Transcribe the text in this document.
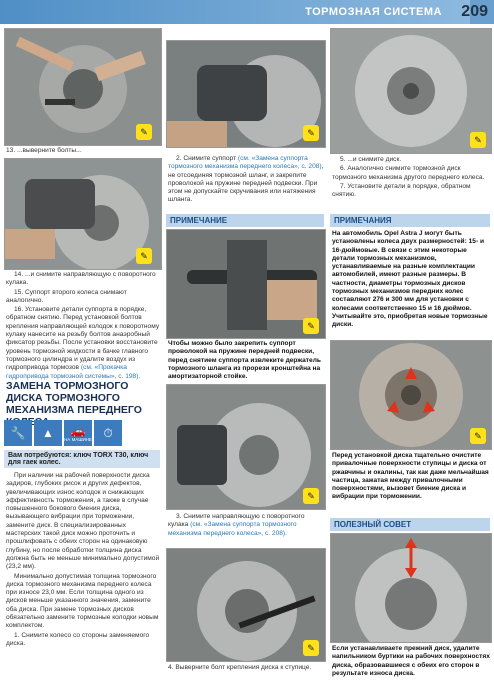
ТОРМОЗНАЯ СИСТЕМА 209
✎
13. ...выверните болты...
✎

14. ...и снимите направляющую с поворотного кулака.

15. Суппорт второго колеса снимают аналогично.

16. Установите детали суппорта в порядке, обратном снятию. Перед установкой болтов крепления направляющей колодок к поворотному кулаку нанесите на резьбу болтов анаэробный фиксатор резьбы. После установки восстановите уровень тормозной жидкости в бачке главного тормозного цилиндра и удалите воздух из гидропривода тормозов (см. «Прокачка гидропривода тормозной системы», с. 198).

ЗАМЕНА ТОРМОЗНОГО ДИСКА ТОРМОЗНОГО МЕХАНИЗМА ПЕРЕДНЕГО
🔧 ▲ 🚗
НА МАШИНЕ ⏱
Вам потребуются: ключ TORX T30, ключ для гаек колес.

При наличии на рабочей поверхности диска задиров, глубоких рисок и других дефектов, увеличивающих износ колодок и снижающих эффективность торможения, а также в случае повышенного бокового биения диска, вызывающего вибрации при торможении, замените диск. В специализированных мастерских такой диск можно проточить и прошлифовать с обеих сторон на одинаковую глубину, но после обработки толщина диска должна быть не меньше минимально допустимой (23,2 мм).

Минимально допустимая толщина тормозного диска тормозного механизма переднего колеса при износе 23,0 мм. Если толщина одного из дисков меньше указанного значения, замените оба диска. При замене тормозных дисков обязательно замените тормозные колодки новым комплектом.

1. Снимите колесо со стороны заменяемого диска.

✎

2. Снимите суппорт (см. «Замена суппорта тормозного механизма переднего колеса», с. 208), не отсоединяя тормозной шланг, и закрепите проволокой на пружине передней подвески. При этом не допускайте скручивания или натяжения шланга.

ПРИМЕЧАНИЕ
✎
Чтобы можно было закрепить суппорт проволокой на пружине передней подвески, перед снятием суппорта извлеките держатель тормозного шланга из прорези кронштейна на амортизаторной стойке.
✎

3. Снимите направляющую с поворотного кулака (см. «Замена суппорта тормозного механизма переднего колеса», с. 208).

✎
4. Выверните болт крепления диска к ступице.
✎

5. ...и снимите диск.

6. Аналогично снимите тормозной диск тормозного механизма другого переднего колеса.

7. Установите детали в порядке, обратном снятию.

ПРИМЕЧАНИЯ
На автомобиль Opel Astra J могут быть установлены колеса двух размерностей: 15- и 16-дюймовые. В связи с этим некоторые детали тормозных механизмов, устанавливаемые на разные комплектации автомобилей, имеют разные размеры. В частности, диаметры тормозных дисков тормозных механизмов передних колес составляют 276 и 300 мм для установки с колесами соответственно 15 и 16 дюймов. Учитывайте это, приобретая новые тормозные диски.
✎
Перед установкой диска тщательно очистите привалочные поверхности ступицы и диска от ржавчины и окалины, так как даже мельчайшая частица, зажатая между привалочными поверхностями, вызовет биение диска и вибрации при торможении.
ПОЛЕЗНЫЙ СОВЕТ
Если устанавливаете прежний диск, удалите напильником буртики на рабочих поверхностях диска, образовавшиеся с обеих его сторон в результате износа диска.
